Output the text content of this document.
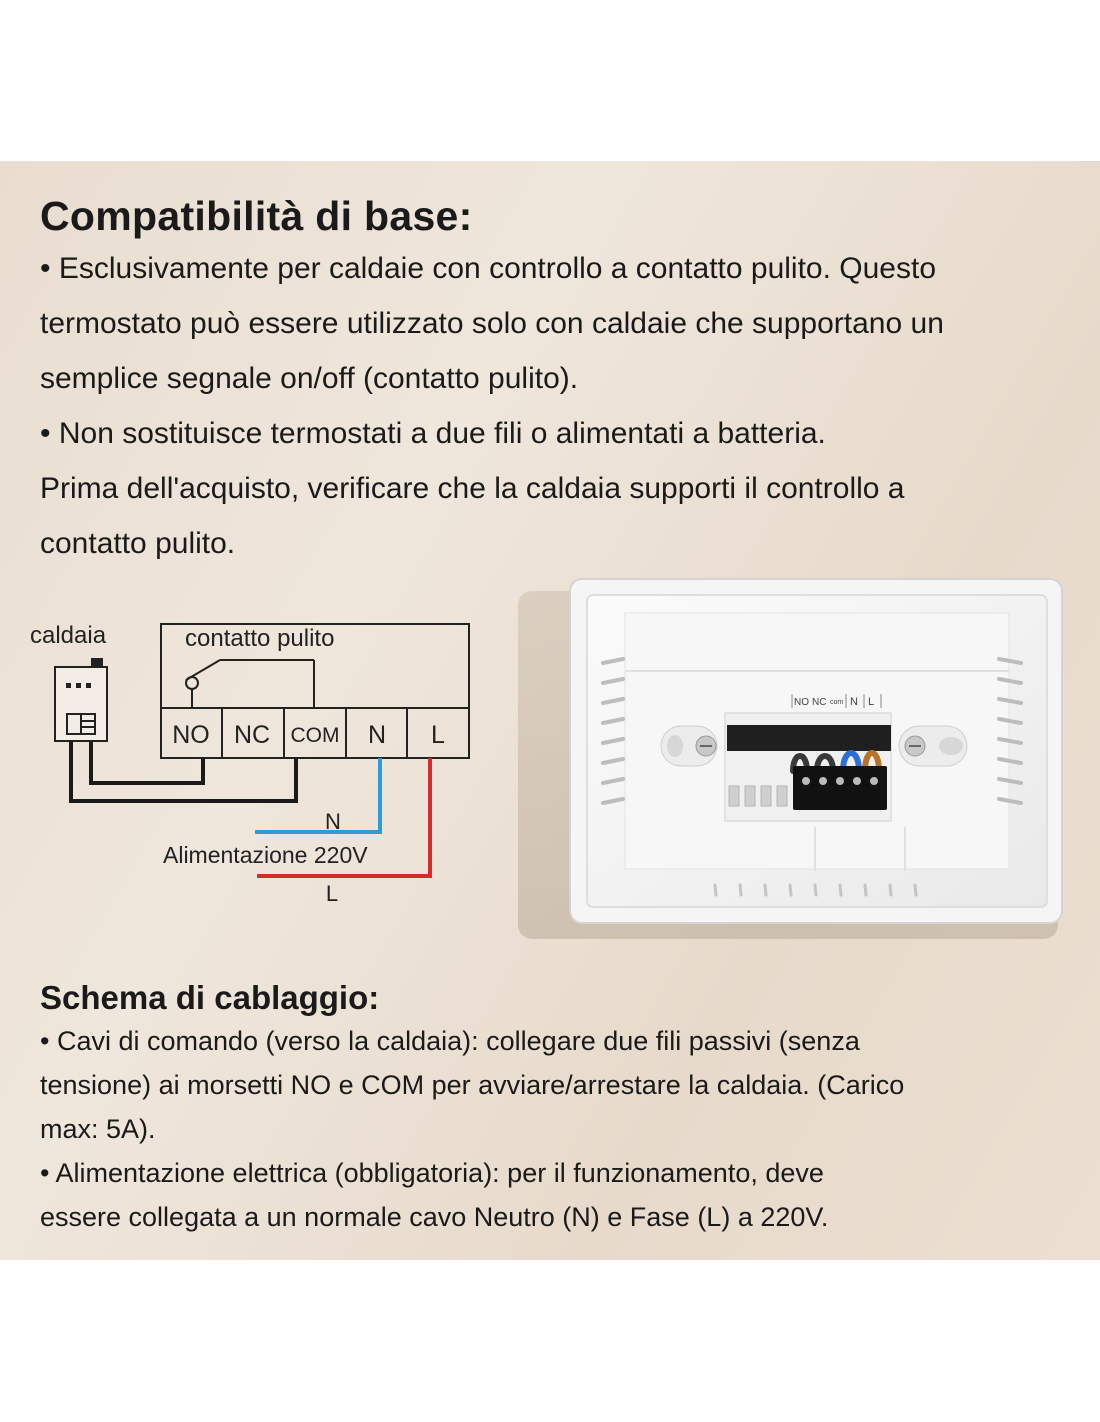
Compatibilità di base:
• Esclusivamente per caldaie con controllo a contatto pulito. Questo
termostato può essere utilizzato solo con caldaie che supportano un
semplice segnale on/off (contatto pulito).
• Non sostituisce termostati a due fili o alimentati a batteria.
Prima dell'acquisto, verificare che la caldaia supporti il controllo a
contatto pulito.
caldaia	contatto pulito
NO NC COM N L
N
Alimentazione 220V
L
NO NC com N L
Schema di cablaggio:
• Cavi di comando (verso la caldaia): collegare due fili passivi (senza
tensione) ai morsetti NO e COM per avviare/arrestare la caldaia. (Carico
max: 5A).
• Alimentazione elettrica (obbligatoria): per il funzionamento, deve
essere collegata a un normale cavo Neutro (N) e Fase (L) a 220V.
